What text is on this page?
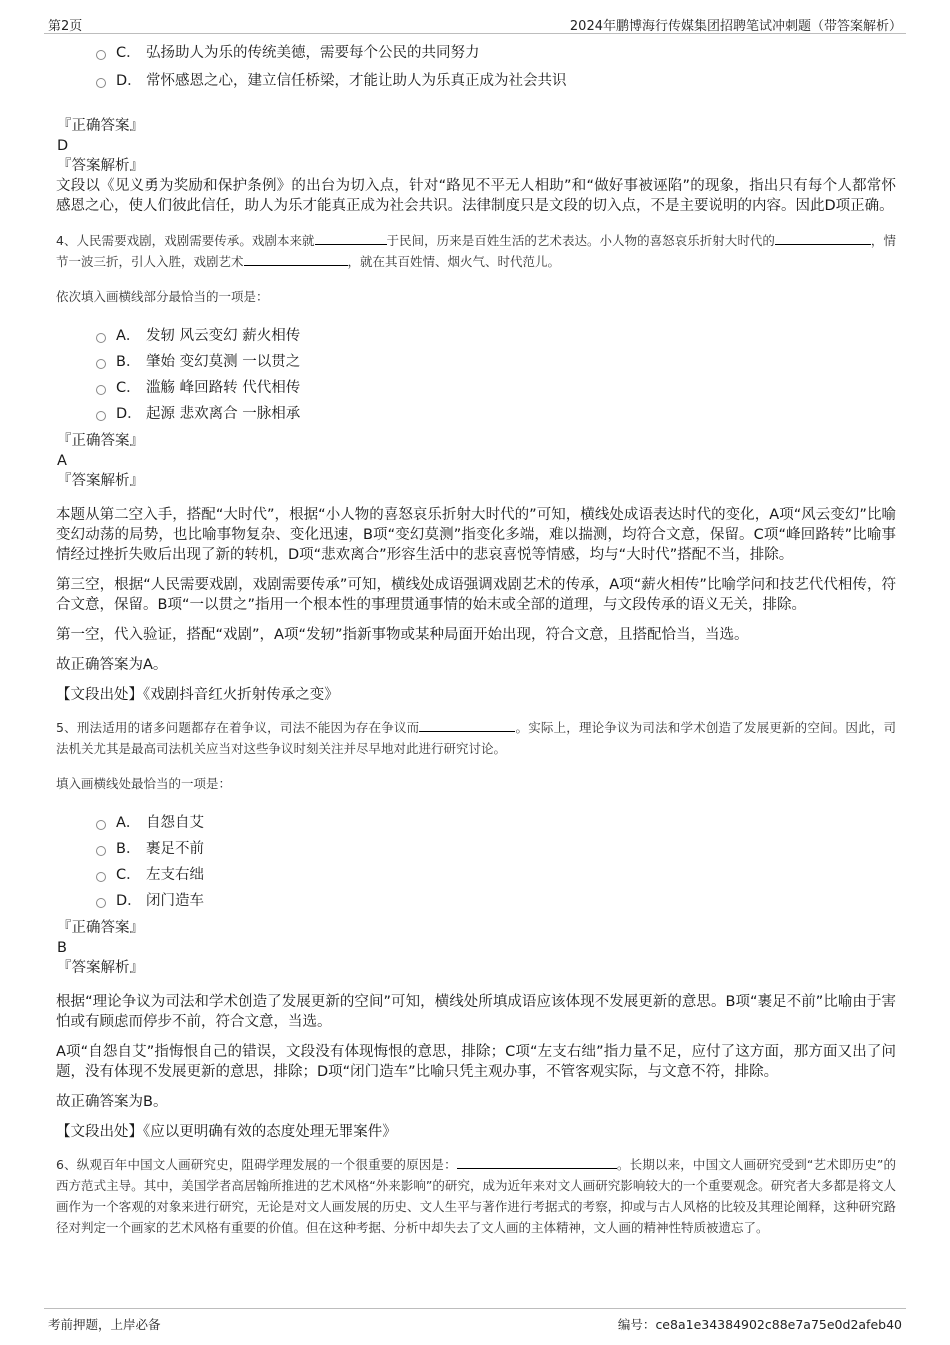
第2页	2024年鹏博海行传媒集团招聘笔试冲刺题（带答案解析）
C． 弘扬助人为乐的传统美德，需要每个公民的共同努力
D． 常怀感恩之心，建立信任桥梁，才能让助人为乐真正成为社会共识
『正确答案』
D
『答案解析』
文段以《见义勇为奖励和保护条例》的出台为切入点，针对“路见不平无人相助”和“做好事被诬陷”的现象，指出只有每个人都常怀感恩之心，使人们彼此信任，助人为乐才能真正成为社会共识。法律制度只是文段的切入点，不是主要说明的内容。因此D项正确。
4、人民需要戏剧，戏剧需要传承。戏剧本来就	于民间，历来是百姓生活的艺术表达。小人物的喜怒哀乐折射大时代的	，情节一波三折，引人入胜，戏剧艺术	，就在其百姓情、烟火气、时代范儿。
依次填入画横线部分最恰当的一项是：
A． 发轫 风云变幻 薪火相传
B． 肇始 变幻莫测 一以贯之
C． 滥觞 峰回路转 代代相传
D． 起源 悲欢离合 一脉相承
『正确答案』
A
『答案解析』
本题从第二空入手，搭配“大时代”，根据“小人物的喜怒哀乐折射大时代的”可知，横线处成语表达时代的变化，A项“风云变幻”比喻变幻动荡的局势，也比喻事物复杂、变化迅速，B项“变幻莫测”指变化多端，难以揣测，均符合文意，保留。C项“峰回路转”比喻事情经过挫折失败后出现了新的转机，D项“悲欢离合”形容生活中的悲哀喜悦等情感，均与“大时代”搭配不当，排除。
第三空，根据“人民需要戏剧，戏剧需要传承”可知，横线处成语强调戏剧艺术的传承，A项“薪火相传”比喻学问和技艺代代相传，符合文意，保留。B项“一以贯之”指用一个根本性的事理贯通事情的始末或全部的道理，与文段传承的语义无关，排除。
第一空，代入验证，搭配“戏剧”，A项“发轫”指新事物或某种局面开始出现，符合文意，且搭配恰当，当选。
故正确答案为A。
【文段出处】《戏剧抖音红火折射传承之变》
5、刑法适用的诸多问题都存在着争议，司法不能因为存在争议而	。实际上，理论争议为司法和学术创造了发展更新的空间。因此，司法机关尤其是最高司法机关应当对这些争议时刻关注并尽早地对此进行研究讨论。
填入画横线处最恰当的一项是：
A． 自怨自艾
B． 裹足不前
C． 左支右绌
D． 闭门造车
『正确答案』
B
『答案解析』
根据“理论争议为司法和学术创造了发展更新的空间”可知，横线处所填成语应该体现不发展更新的意思。B项“裹足不前”比喻由于害怕或有顾虑而停步不前，符合文意，当选。
A项“自怨自艾”指悔恨自己的错误，文段没有体现悔恨的意思，排除；C项“左支右绌”指力量不足，应付了这方面，那方面又出了问题，没有体现不发展更新的意思，排除；D项“闭门造车”比喻只凭主观办事，不管客观实际，与文意不符，排除。
故正确答案为B。
【文段出处】《应以更明确有效的态度处理无罪案件》
6、纵观百年中国文人画研究史，阻碍学理发展的一个很重要的原因是：	。长期以来，中国文人画研究受到“艺术即历史”的西方范式主导。其中，美国学者高居翰所推进的艺术风格“外来影响”的研究，成为近年来对文人画研究影响较大的一个重要观念。研究者大多都是将文人画作为一个客观的对象来进行研究，无论是对文人画发展的历史、文人生平与著作进行考据式的考察，抑或与古人风格的比较及其理论阐释，这种研究路径对判定一个画家的艺术风格有重要的价值。但在这种考据、分析中却失去了文人画的主体精神，文人画的精神性特质被遗忘了。
考前押题，上岸必备	编号：ce8a1e34384902c88e7a75e0d2afeb40
